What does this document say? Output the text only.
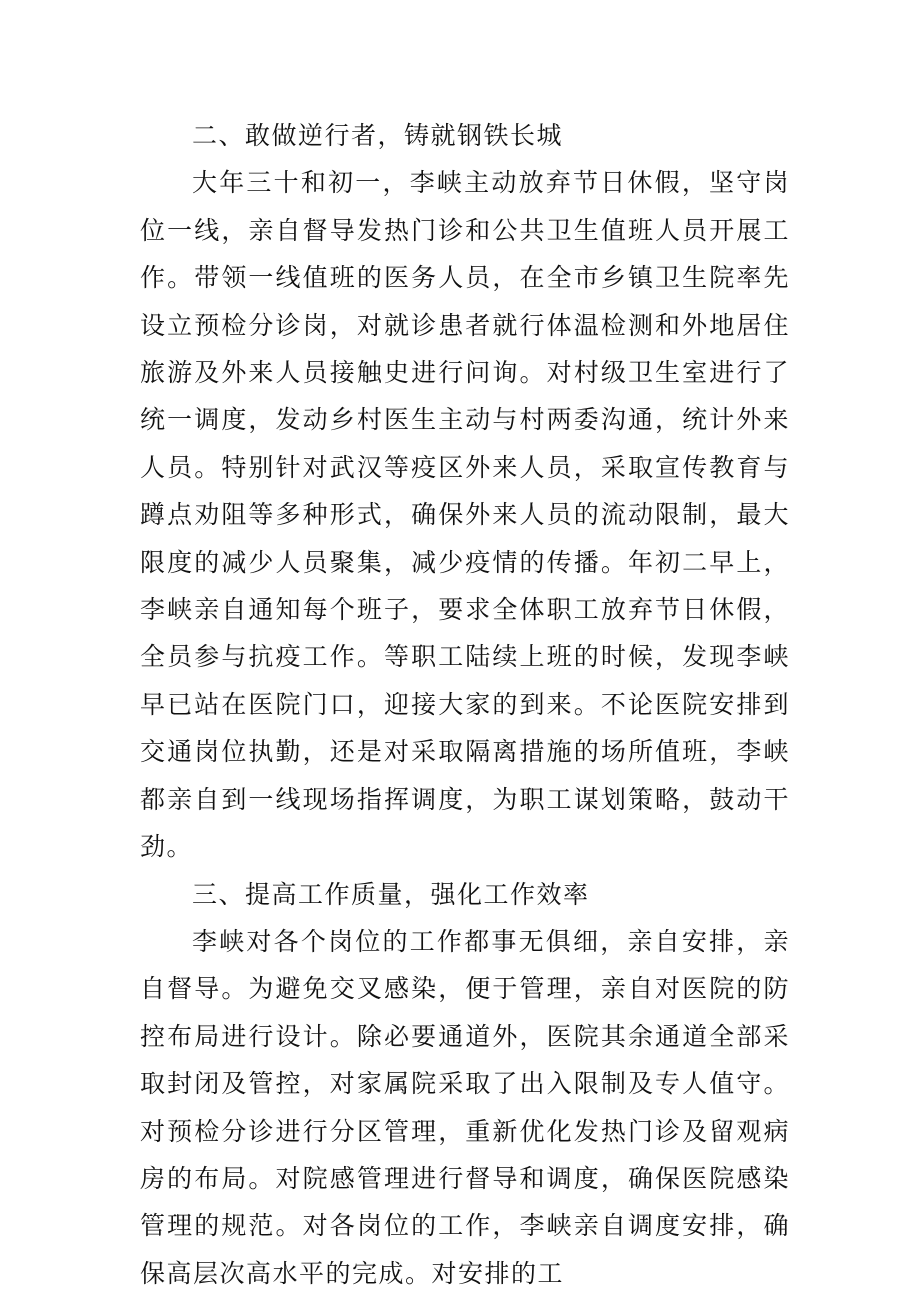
二、敢做逆行者，铸就钢铁长城

大年三十和初一，李峡主动放弃节日休假，坚守岗位一线，亲自督导发热门诊和公共卫生值班人员开展工作。带领一线值班的医务人员，在全市乡镇卫生院率先设立预检分诊岗，对就诊患者就行体温检测和外地居住旅游及外来人员接触史进行问询。对村级卫生室进行了统一调度，发动乡村医生主动与村两委沟通，统计外来人员。特别针对武汉等疫区外来人员，采取宣传教育与蹲点劝阻等多种形式，确保外来人员的流动限制，最大限度的减少人员聚集，减少疫情的传播。年初二早上，李峡亲自通知每个班子，要求全体职工放弃节日休假，全员参与抗疫工作。等职工陆续上班的时候，发现李峡早已站在医院门口，迎接大家的到来。不论医院安排到交通岗位执勤，还是对采取隔离措施的场所值班，李峡都亲自到一线现场指挥调度，为职工谋划策略，鼓动干劲。

三、提高工作质量，强化工作效率

李峡对各个岗位的工作都事无俱细，亲自安排，亲自督导。为避免交叉感染，便于管理，亲自对医院的防控布局进行设计。除必要通道外，医院其余通道全部采取封闭及管控，对家属院采取了出入限制及专人值守。对预检分诊进行分区管理，重新优化发热门诊及留观病房的布局。对院感管理进行督导和调度，确保医院感染管理的规范。对各岗位的工作，李峡亲自调度安排，确保高层次高水平的完成。对安排的工
